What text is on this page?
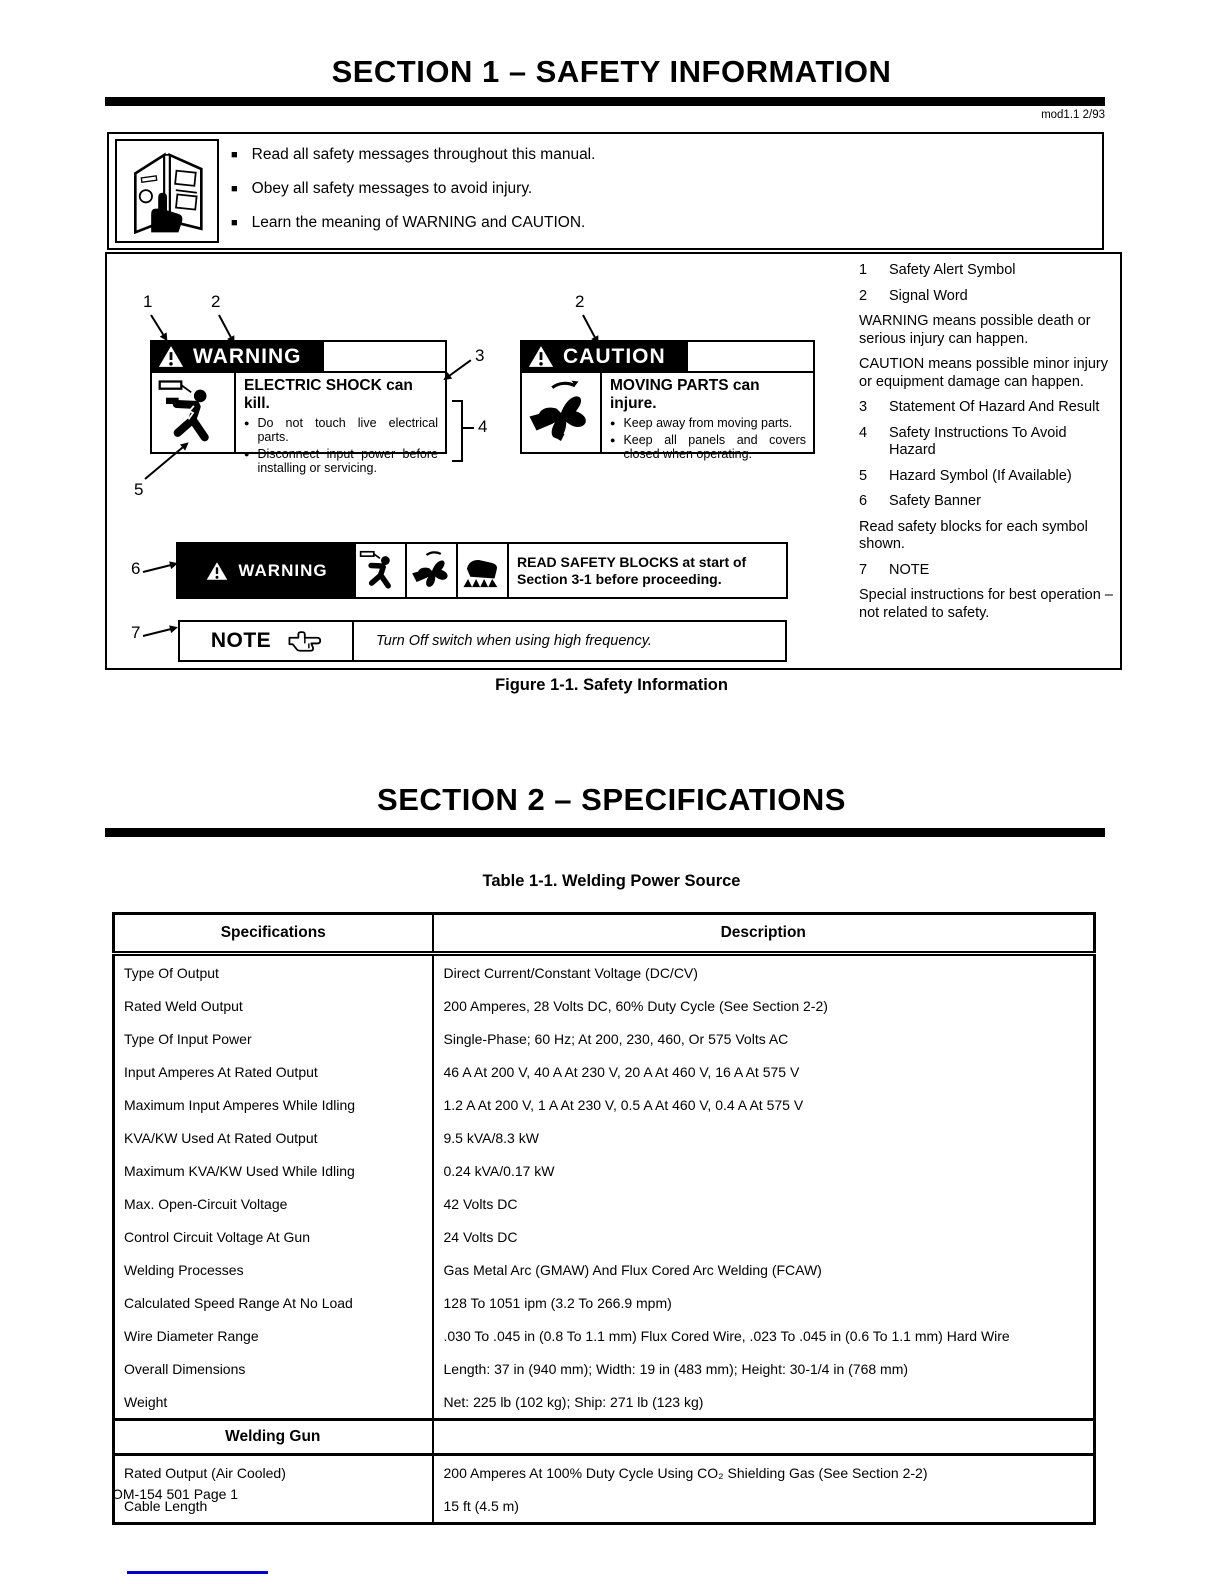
SECTION 1 – SAFETY INFORMATION
mod1.1 2/93
■ Read all safety messages throughout this manual.
■ Obey all safety messages to avoid injury.
■ Learn the meaning of WARNING and CAUTION.
1	2	2
3
4
5
6
7
WARNING
ELECTRIC SHOCK can kill.
● Do not touch live electrical parts.
● Disconnect input power before installing or servicing.
CAUTION
MOVING PARTS can injure.
● Keep away from moving parts.
● Keep all panels and covers closed when operating.
WARNING	READ SAFETY BLOCKS at start of
Section 3-1 before proceeding.
NOTE	Turn Off switch when using high frequency.
1	Safety Alert Symbol
2	Signal Word
WARNING means possible death or serious injury can happen.
CAUTION means possible minor injury or equipment damage can happen.
3	Statement Of Hazard And Result
4	Safety Instructions To Avoid Hazard
5	Hazard Symbol (If Available)
6	Safety Banner
Read safety blocks for each symbol shown.
7	NOTE
Special instructions for best operation – not related to safety.
Figure 1-1. Safety Information
SECTION 2 – SPECIFICATIONS
Table 1-1. Welding Power Source
Specifications	Description
Type Of Output	Direct Current/Constant Voltage (DC/CV)
Rated Weld Output	200 Amperes, 28 Volts DC, 60% Duty Cycle (See Section 2-2)
Type Of Input Power	Single-Phase; 60 Hz; At 200, 230, 460, Or 575 Volts AC
Input Amperes At Rated Output	46 A At 200 V, 40 A At 230 V, 20 A At 460 V, 16 A At 575 V
Maximum Input Amperes While Idling	1.2 A At 200 V, 1 A At 230 V, 0.5 A At 460 V, 0.4 A At 575 V
KVA/KW Used At Rated Output	9.5 kVA/8.3 kW
Maximum KVA/KW Used While Idling	0.24 kVA/0.17 kW
Max. Open-Circuit Voltage	42 Volts DC
Control Circuit Voltage At Gun	24 Volts DC
Welding Processes	Gas Metal Arc (GMAW) And Flux Cored Arc Welding (FCAW)
Calculated Speed Range At No Load	128 To 1051 ipm (3.2 To 266.9 mpm)
Wire Diameter Range	.030 To .045 in (0.8 To 1.1 mm) Flux Cored Wire, .023 To .045 in (0.6 To 1.1 mm) Hard Wire
Overall Dimensions	Length: 37 in (940 mm); Width: 19 in (483 mm); Height: 30-1/4 in (768 mm)
Weight	Net: 225 lb (102 kg); Ship: 271 lb (123 kg)
Welding Gun	
Rated Output (Air Cooled)	200 Amperes At 100% Duty Cycle Using CO₂ Shielding Gas (See Section 2-2)
Cable Length	15 ft (4.5 m)
OM-154 501 Page 1
